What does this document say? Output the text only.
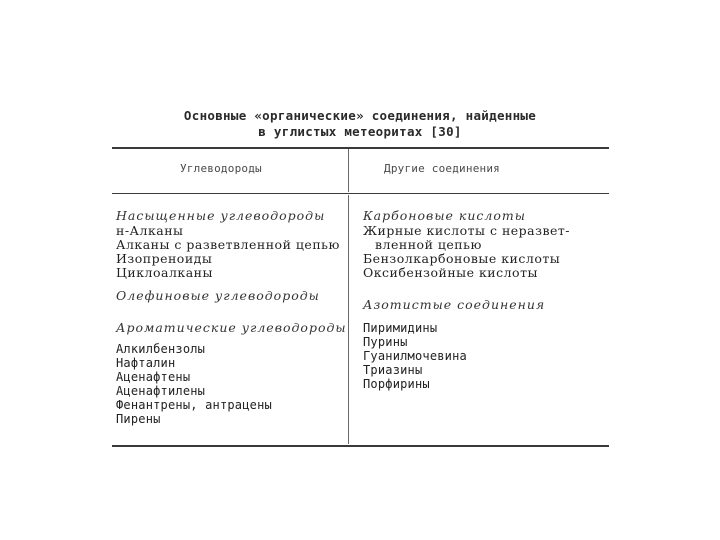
Основные «органические» соединения, найденные
в углистых метеоритах [30]
Углеводороды	Другие соединения
Насыщенные углеводороды
н-Алканы
Алканы с разветвленной цепью
Изопреноиды
Циклоалканы
Олефиновые углеводороды
Ароматические углеводороды
Алкилбензолы
Нафталин
Аценафтены
Аценафтилены
Фенантрены, антрацены
Пирены
Карбоновые кислоты
Жирные кислоты с неразвет-
вленной цепью
Бензолкарбоновые кислоты
Оксибензойные кислоты
Азотистые соединения
Пиримидины
Пурины
Гуанилмочевина
Триазины
Порфирины
